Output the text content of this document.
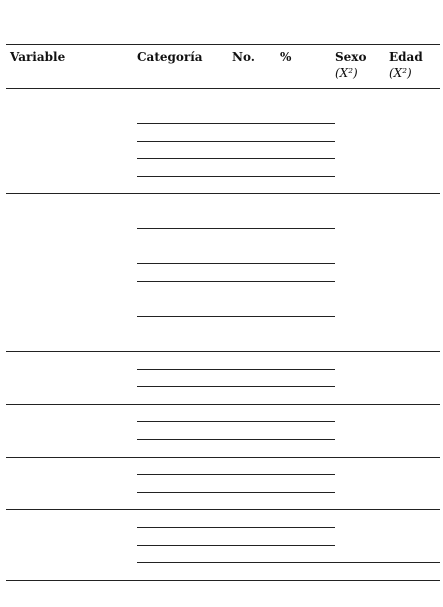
Variable	Categoría No. %	Sexo
(X²)
Edad
(X²)
